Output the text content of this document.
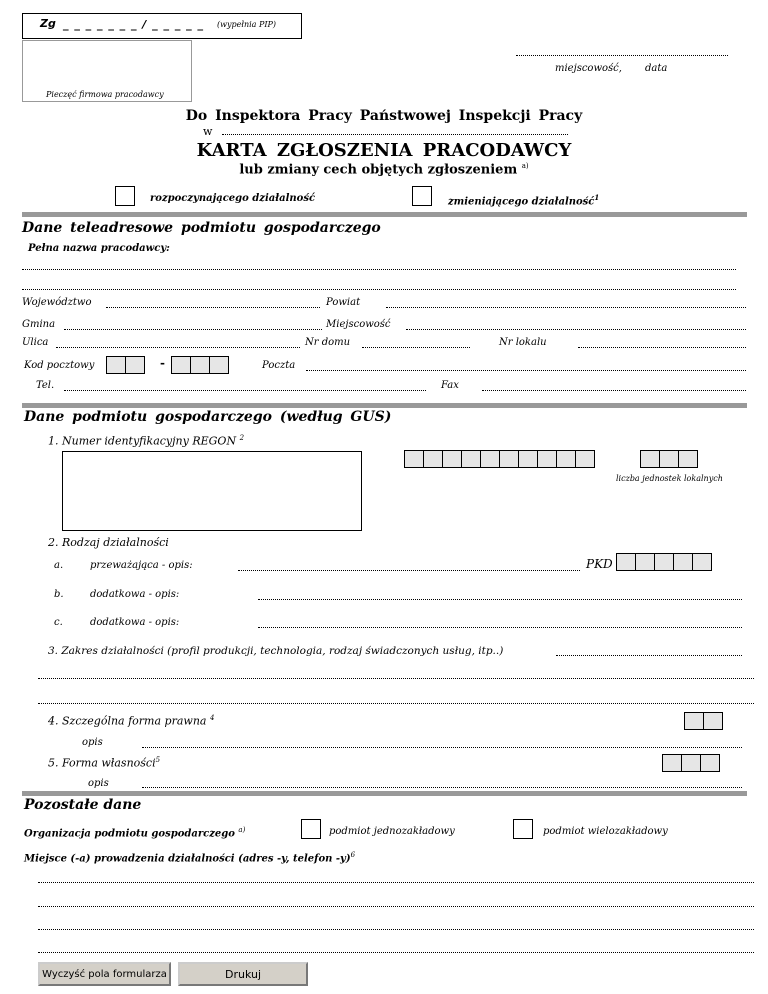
Zg _ _ _ _ _ _ _ / _ _ _ _ _ (wypełnia PIP)
Pieczęć firmowa pracodawcy
miejscowość, data
Do Inspektora Pracy Państwowej Inspekcji Pracy
w
KARTA ZGŁOSZENIA PRACODAWCY
lub zmiany cech objętych zgłoszeniem $^{a)}$
rozpoczynającego działalność	zmieniającego działalność$^1$
Dane teleadresowe podmiotu gospodarczego
Pełna nazwa pracodawcy:
Województwo	Powiat
Gmina	Miejscowość
Ulica	Nr domu	Nr lokalu
Kod pocztowy	-	Poczta
Tel.	Fax
Dane podmiotu gospodarczego (według GUS)
1. Numer identyfikacyjny REGON $^2$
liczba jednostek lokalnych
2. Rodzaj działalności
a.	przeważająca - opis:	PKD
b.	dodatkowa - opis:
c.	dodatkowa - opis:
3. Zakres działalności (profil produkcji, technologia, rodzaj świadczonych usług, itp..)
4. Szczególna forma prawna $^4$
opis
5. Forma własności$^5$
opis
Pozostałe dane
Organizacja podmiotu gospodarczego $^{a)}$	podmiot jednozakładowy	podmiot wielozakładowy
Miejsce (-a) prowadzenia działalności (adres -y, telefon -y)$^6$
Wyczyść pola formularza	Drukuj
